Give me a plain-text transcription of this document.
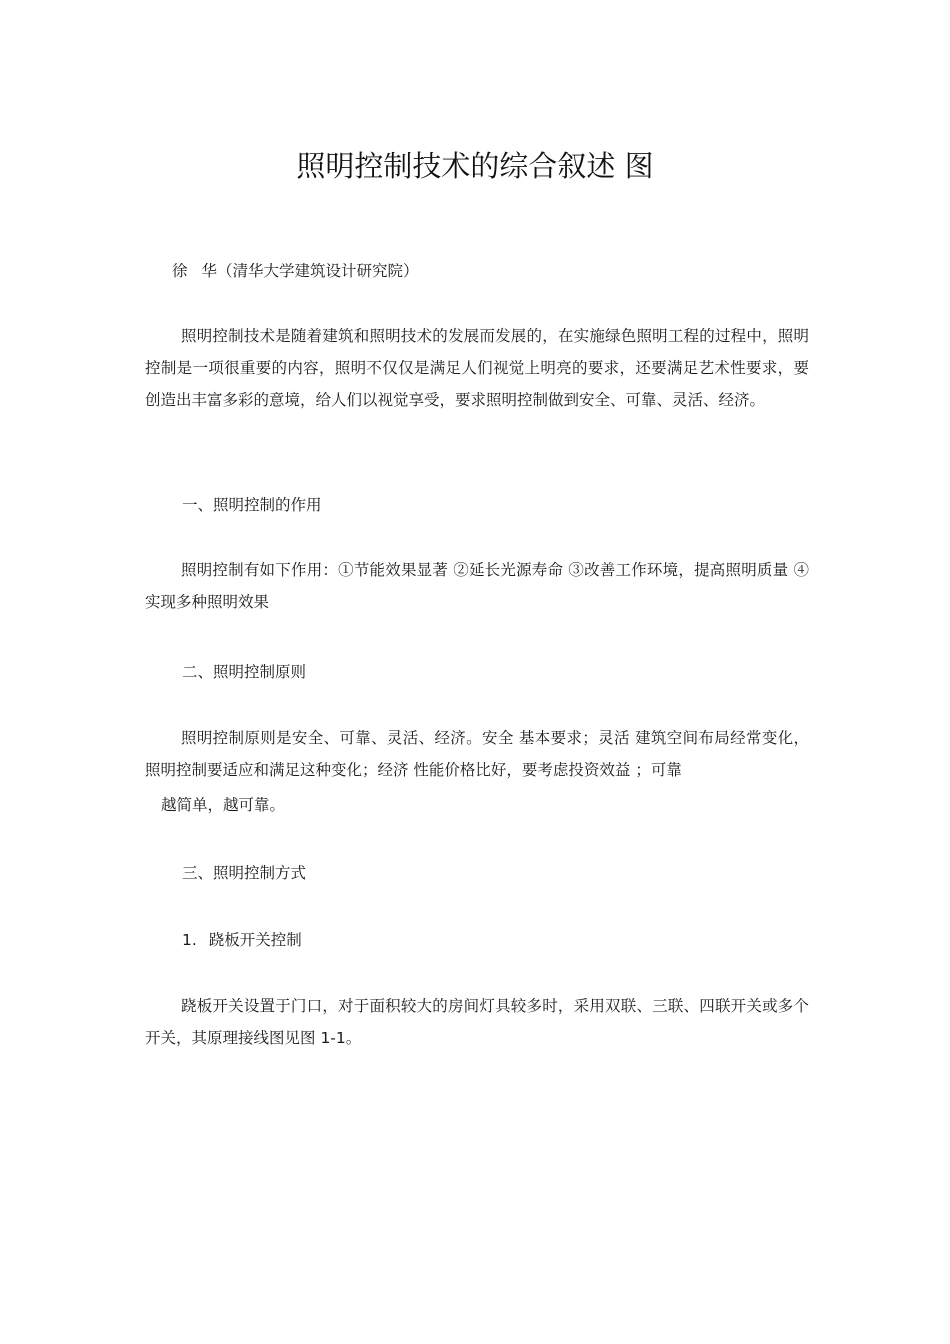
照明控制技术的综合叙述 图
徐 华（清华大学建筑设计研究院）
照明控制技术是随着建筑和照明技术的发展而发展的，在实施绿色照明工程的过程中，照明控制是一项很重要的内容，照明不仅仅是满足人们视觉上明亮的要求，还要满足艺术性要求，要创造出丰富多彩的意境，给人们以视觉享受，要求照明控制做到安全、可靠、灵活、经济。
一、照明控制的作用
照明控制有如下作用：①节能效果显著 ②延长光源寿命 ③改善工作环境，提高照明质量 ④实现多种照明效果
二、照明控制原则
照明控制原则是安全、可靠、灵活、经济。安全 基本要求；灵活 建筑空间布局经常变化，照明控制要适应和满足这种变化；经济 性能价格比好，要考虑投资效益 ；可靠
越简单，越可靠。
三、照明控制方式
1. 跷板开关控制
跷板开关设置于门口，对于面积较大的房间灯具较多时，采用双联、三联、四联开关或多个开关，其原理接线图见图 1-1。
